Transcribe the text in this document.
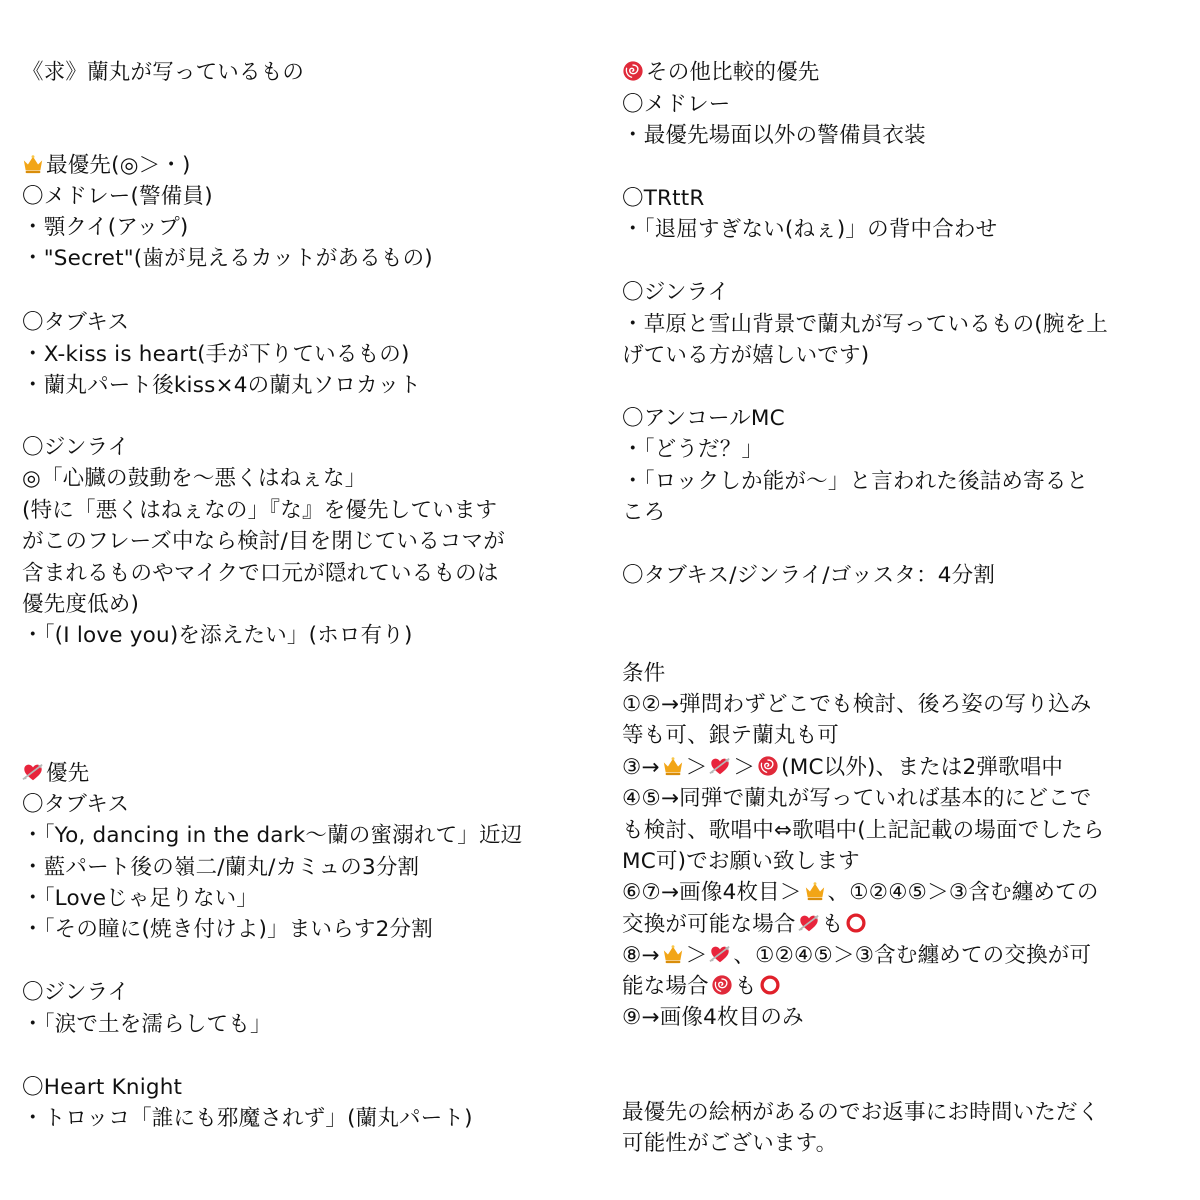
《求》蘭丸が写っているもの
最優先(◎＞・)
〇メドレー(警備員)
・顎クイ(アップ)
・"Secret"(歯が見えるカットがあるもの)
〇タブキス
・X-kiss is heart(手が下りているもの)
・蘭丸パート後kiss×4の蘭丸ソロカット
〇ジンライ
◎「心臓の鼓動を～悪くはねぇな」
(特に「悪くはねぇなの」『な』を優先しています
がこのフレーズ中なら検討/目を閉じているコマが
含まれるものやマイクで口元が隠れているものは
優先度低め)
・「(I love you)を添えたい」(ホロ有り)
優先
〇タブキス
・「Yo, dancing in the dark～蘭の蜜溺れて」近辺
・藍パート後の嶺二/蘭丸/カミュの3分割
・「Loveじゃ足りない」
・「その瞳に(焼き付けよ)」まいらす2分割
〇ジンライ
・「涙で土を濡らしても」
〇Heart Knight
・トロッコ「誰にも邪魔されず」(蘭丸パート)
その他比較的優先
〇メドレー
・最優先場面以外の警備員衣装
〇TRttR
・「退屈すぎない(ねぇ)」の背中合わせ
〇ジンライ
・草原と雪山背景で蘭丸が写っているもの(腕を上
げている方が嬉しいです)
〇アンコールMC
・「どうだ？」
・「ロックしか能が～」と言われた後詰め寄ると
ころ
〇タブキス/ジンライ/ゴッスタ：4分割
条件
①②→弾問わずどこでも検討、後ろ姿の写り込み
等も可、銀テ蘭丸も可
③→ ＞ ＞ (MC以外)、または2弾歌唱中
④⑤→同弾で蘭丸が写っていれば基本的にどこで
も検討、歌唱中⇔歌唱中(上記記載の場面でしたら
MC可)でお願い致します
⑥⑦→画像4枚目＞ 、①②④⑤＞③含む纏めての
交換が可能な場合 も
⑧→ ＞ 、①②④⑤＞③含む纏めての交換が可
能な場合 も
⑨→画像4枚目のみ
最優先の絵柄があるのでお返事にお時間いただく
可能性がございます。
